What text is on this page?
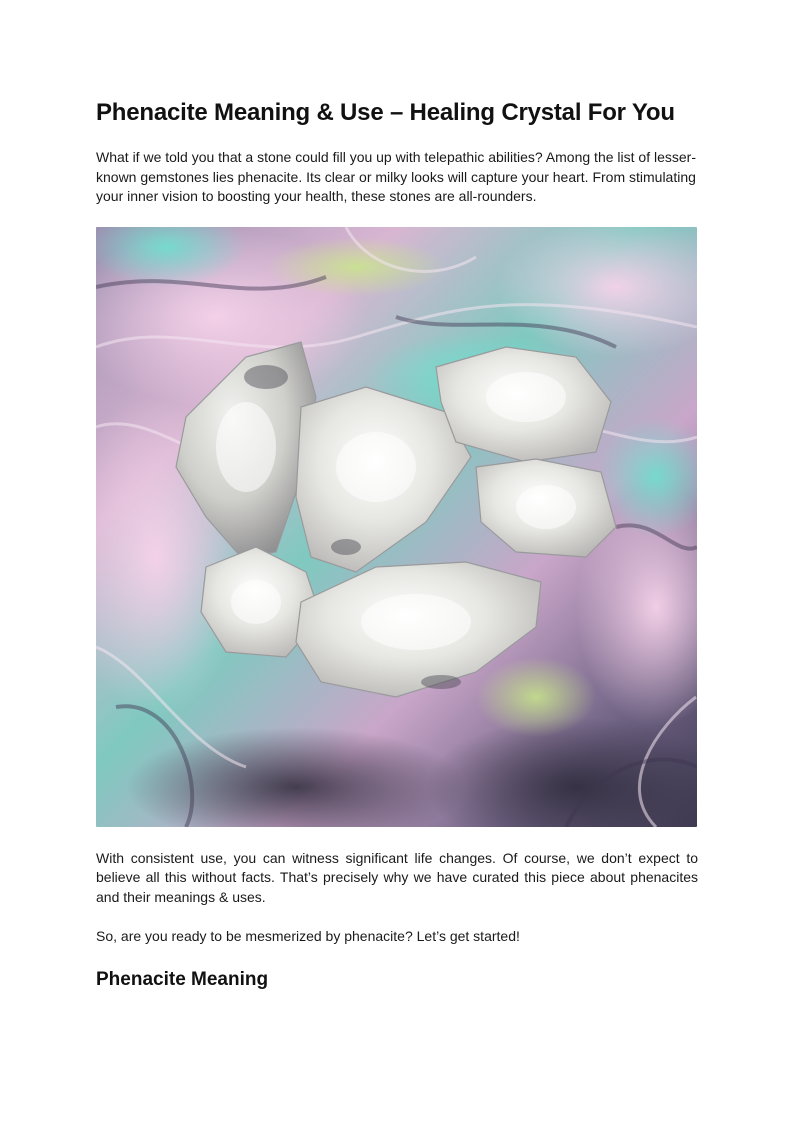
Phenacite Meaning & Use – Healing Crystal For You

What if we told you that a stone could fill you up with telepathic abilities? Among the list of lesser-known gemstones lies phenacite. Its clear or milky looks will capture your heart. From stimulating your inner vision to boosting your health, these stones are all-rounders.

With consistent use, you can witness significant life changes. Of course, we don’t expect to believe all this without facts. That’s precisely why we have curated this piece about phenacites and their meanings & uses.

So, are you ready to be mesmerized by phenacite? Let’s get started!

Phenacite Meaning
